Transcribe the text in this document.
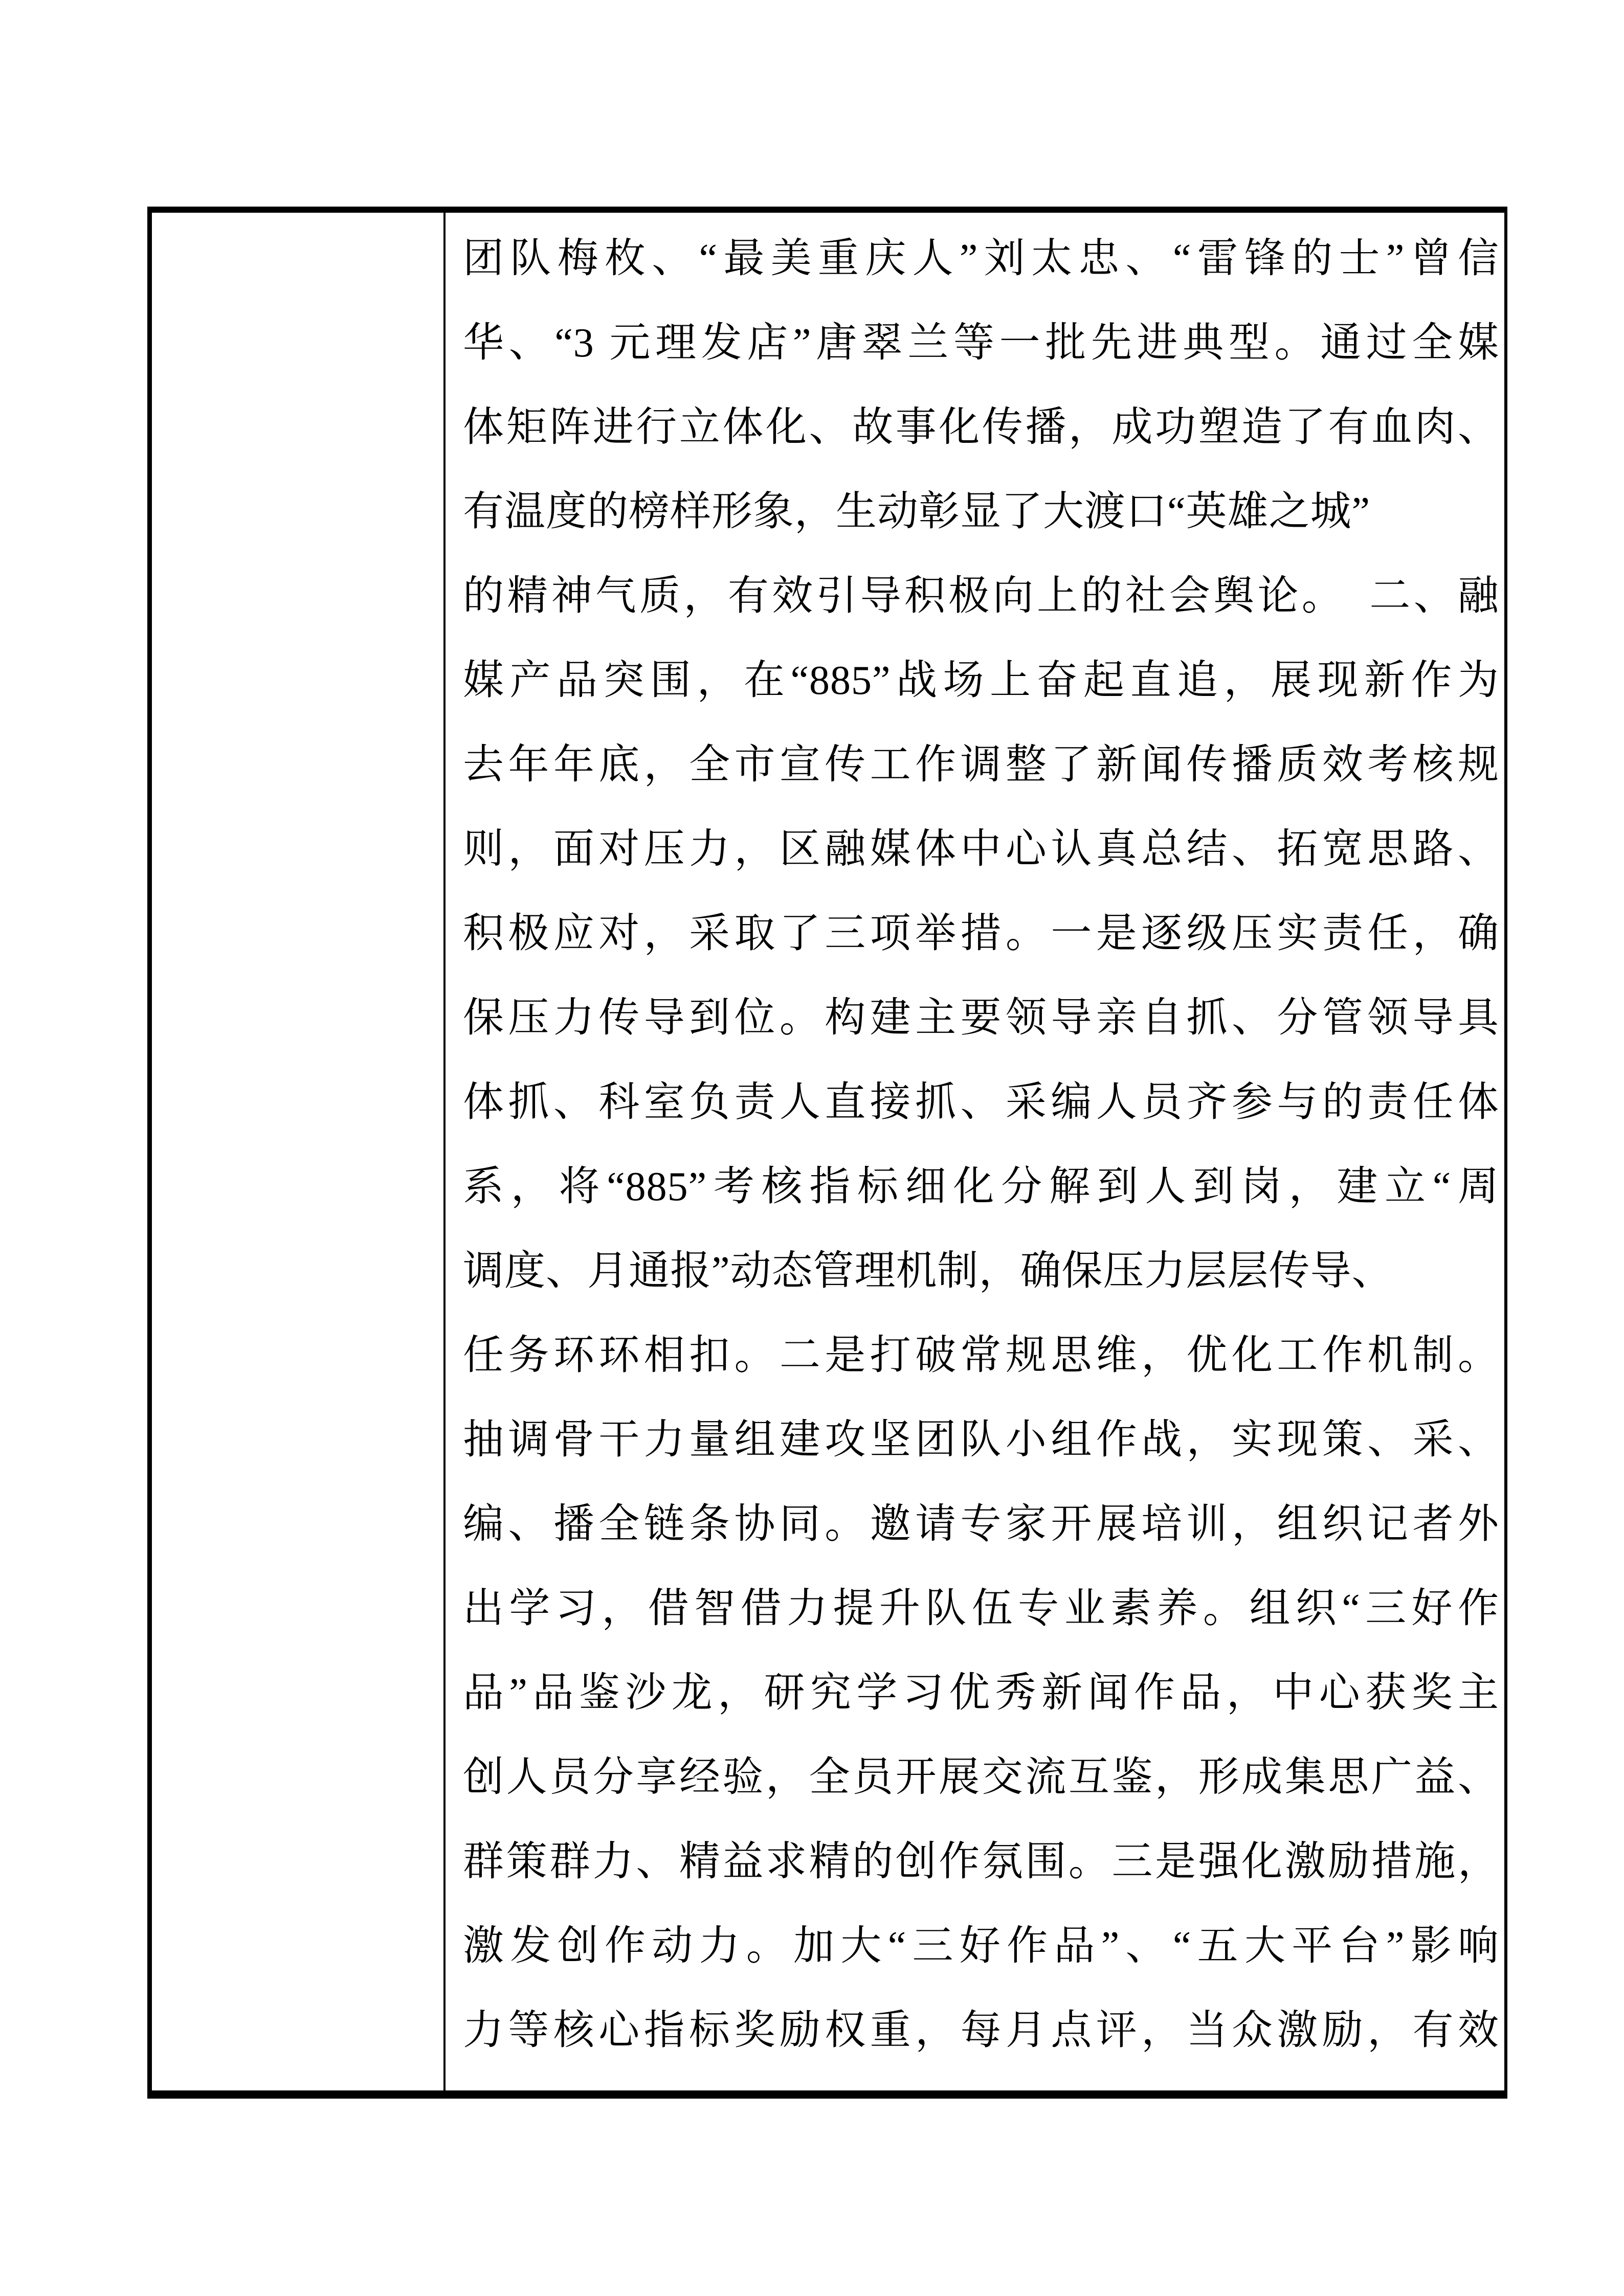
团队梅枚、“最美重庆人”刘太忠、“雷锋的士”曾信
华、“3 元理发店”唐翠兰等一批先进典型。通过全媒
体矩阵进行立体化、故事化传播，成功塑造了有血肉、
有温度的榜样形象，生动彰显了大渡口“英雄之城”
的精神气质，有效引导积极向上的社会舆论。　二、融
媒产品突围，在“885”战场上奋起直追，展现新作为
去年年底，全市宣传工作调整了新闻传播质效考核规
则，面对压力，区融媒体中心认真总结、拓宽思路、
积极应对，采取了三项举措。一是逐级压实责任，确
保压力传导到位。构建主要领导亲自抓、分管领导具
体抓、科室负责人直接抓、采编人员齐参与的责任体
系，将“885”考核指标细化分解到人到岗，建立“周
调度、月通报”动态管理机制，确保压力层层传导、
任务环环相扣。二是打破常规思维，优化工作机制。
抽调骨干力量组建攻坚团队小组作战，实现策、采、
编、播全链条协同。邀请专家开展培训，组织记者外
出学习，借智借力提升队伍专业素养。组织“三好作
品”品鉴沙龙，研究学习优秀新闻作品，中心获奖主
创人员分享经验，全员开展交流互鉴，形成集思广益、
群策群力、精益求精的创作氛围。三是强化激励措施，
激发创作动力。加大“三好作品”、“五大平台”影响
力等核心指标奖励权重，每月点评，当众激励，有效
